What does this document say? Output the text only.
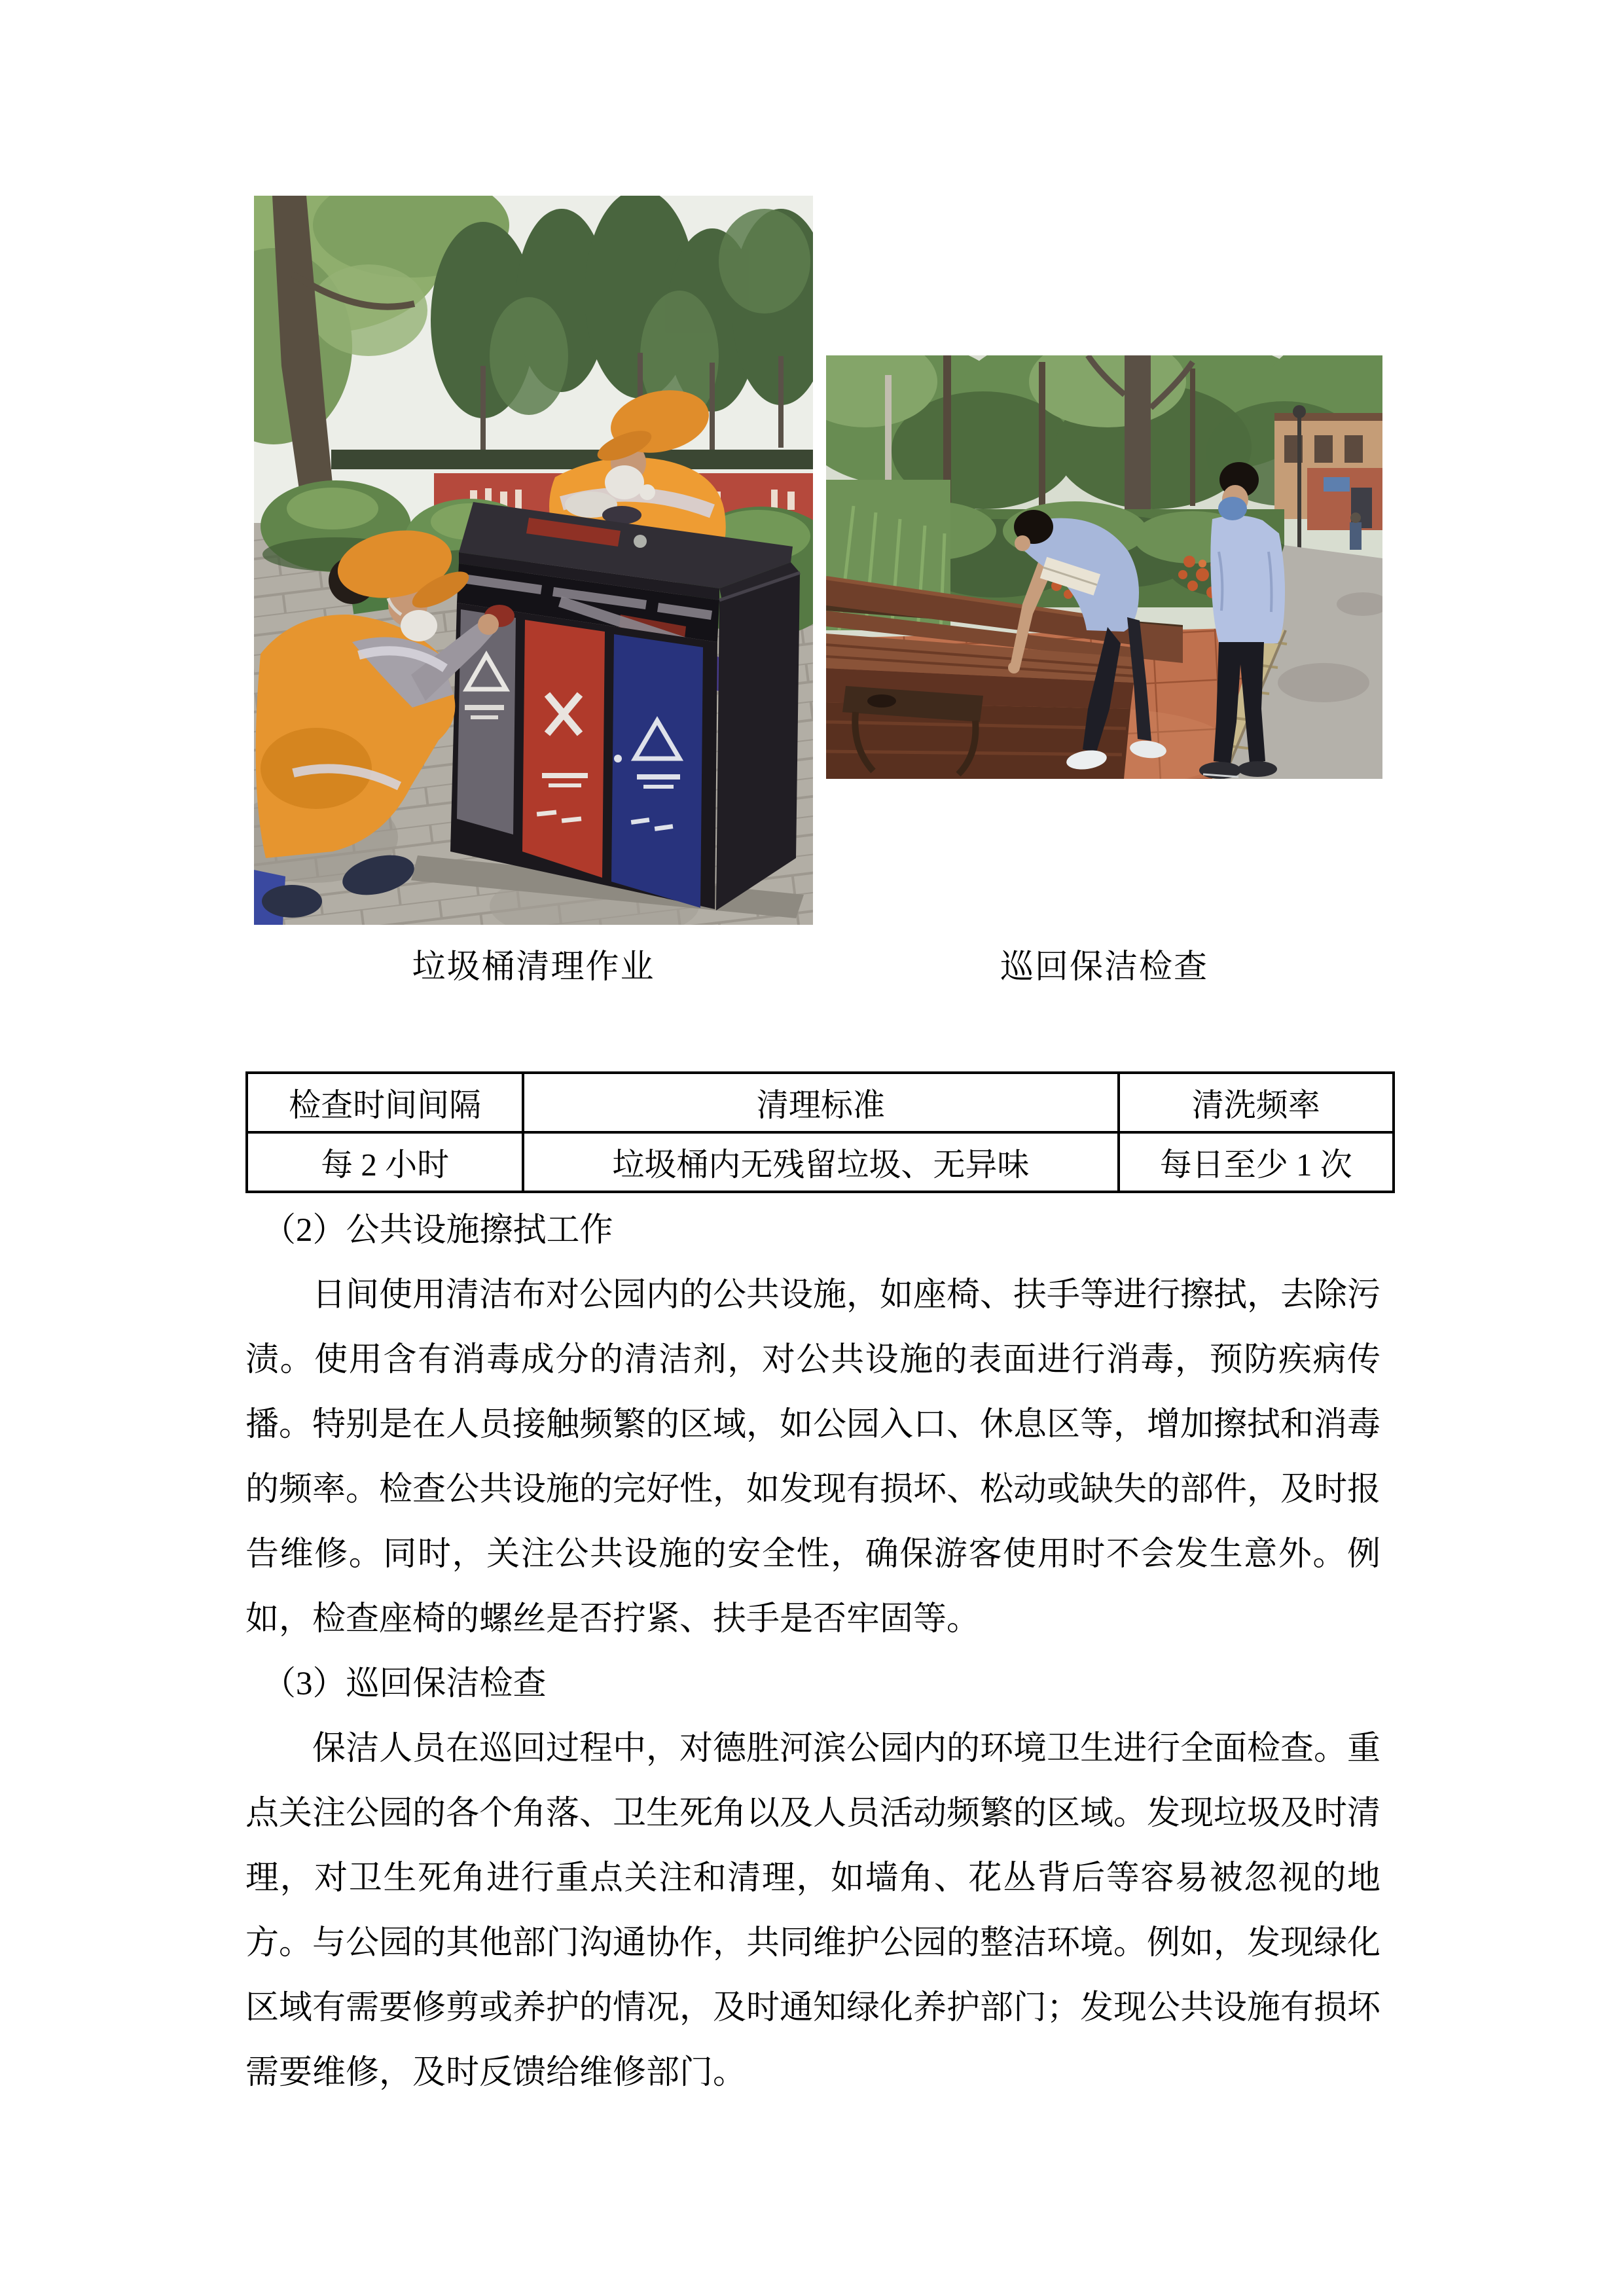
垃圾桶清理作业	巡回保洁检查
检查时间间隔	清理标准	清洗频率
每 2 小时	垃圾桶内无残留垃圾、无异味	每日至少 1 次
（2）公共设施擦拭工作
日间使用清洁布对公园内的公共设施，如座椅、扶手等进行擦拭，去除污
渍。使用含有消毒成分的清洁剂，对公共设施的表面进行消毒，预防疾病传
播。特别是在人员接触频繁的区域，如公园入口、休息区等，增加擦拭和消毒
的频率。检查公共设施的完好性，如发现有损坏、松动或缺失的部件，及时报
告维修。同时，关注公共设施的安全性，确保游客使用时不会发生意外。例
如，检查座椅的螺丝是否拧紧、扶手是否牢固等。
（3）巡回保洁检查
保洁人员在巡回过程中，对德胜河滨公园内的环境卫生进行全面检查。重
点关注公园的各个角落、卫生死角以及人员活动频繁的区域。发现垃圾及时清
理，对卫生死角进行重点关注和清理，如墙角、花丛背后等容易被忽视的地
方。与公园的其他部门沟通协作，共同维护公园的整洁环境。例如，发现绿化
区域有需要修剪或养护的情况，及时通知绿化养护部门；发现公共设施有损坏
需要维修，及时反馈给维修部门。
